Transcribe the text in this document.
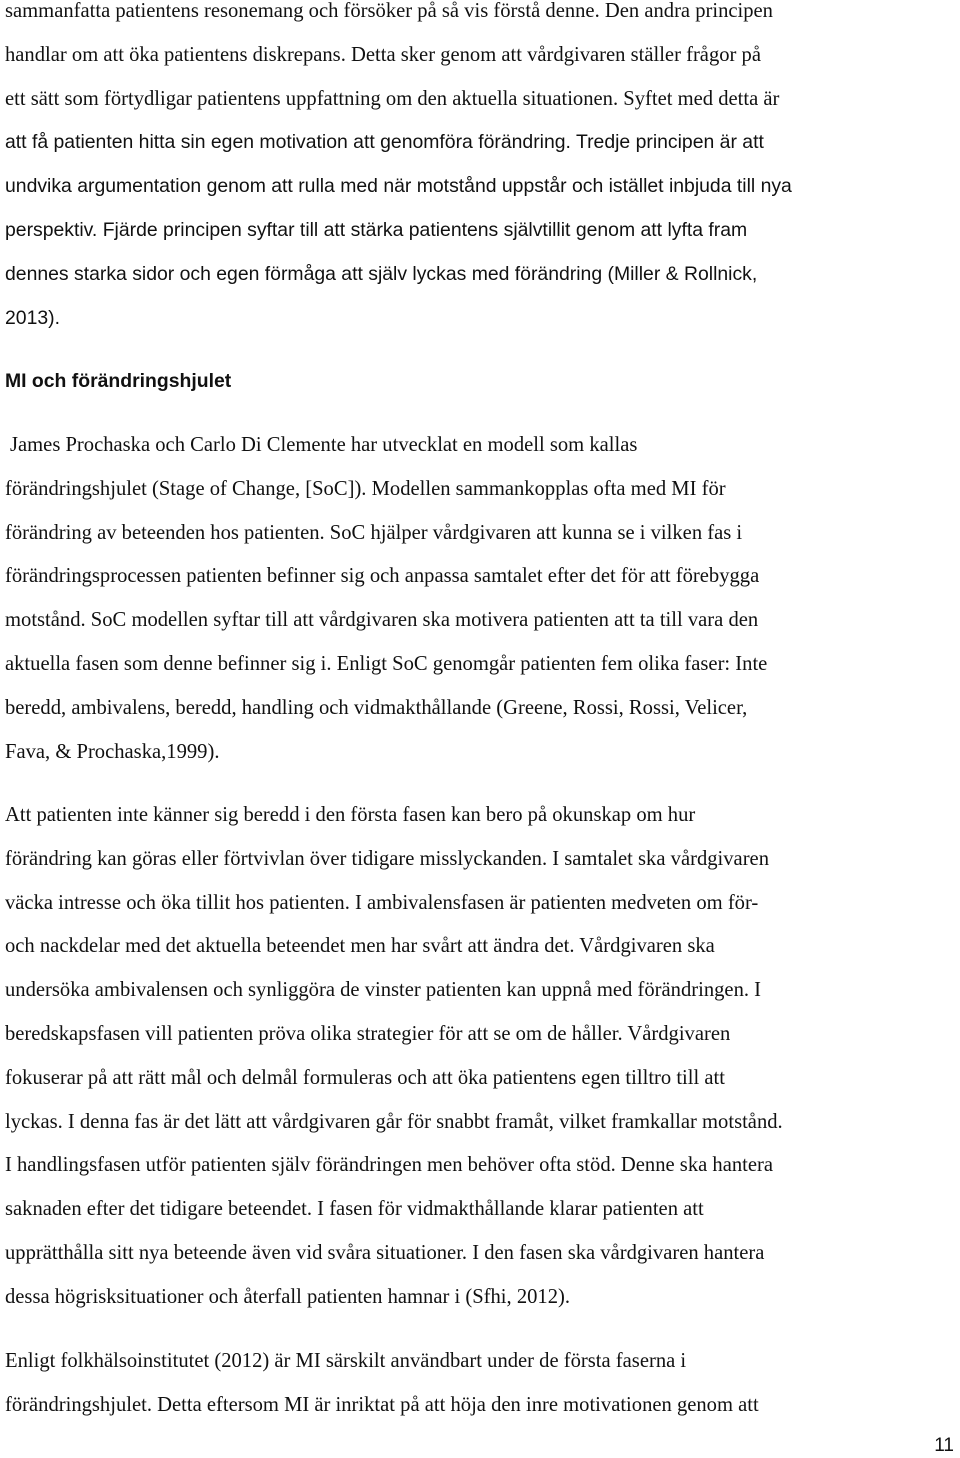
sammanfatta patientens resonemang och försöker på så vis förstå denne. Den andra principen
handlar om att öka patientens diskrepans. Detta sker genom att vårdgivaren ställer frågor på
ett sätt som förtydligar patientens uppfattning om den aktuella situationen. Syftet med detta är
att få patienten hitta sin egen motivation att genomföra förändring. Tredje principen är att
undvika argumentation genom att rulla med när motstånd uppstår och istället inbjuda till nya
perspektiv. Fjärde principen syftar till att stärka patientens självtillit genom att lyfta fram
dennes starka sidor och egen förmåga att själv lyckas med förändring (Miller & Rollnick,
2013).

MI och förändringshjulet

James Prochaska och Carlo Di Clemente har utvecklat en modell som kallas
förändringshjulet (Stage of Change, [SoC]). Modellen sammankopplas ofta med MI för
förändring av beteenden hos patienten. SoC hjälper vårdgivaren att kunna se i vilken fas i
förändringsprocessen patienten befinner sig och anpassa samtalet efter det för att förebygga
motstånd. SoC modellen syftar till att vårdgivaren ska motivera patienten att ta till vara den
aktuella fasen som denne befinner sig i. Enligt SoC genomgår patienten fem olika faser: Inte
beredd, ambivalens, beredd, handling och vidmakthållande (Greene, Rossi, Rossi, Velicer,
Fava, & Prochaska,1999).

Att patienten inte känner sig beredd i den första fasen kan bero på okunskap om hur
förändring kan göras eller förtvivlan över tidigare misslyckanden. I samtalet ska vårdgivaren
väcka intresse och öka tillit hos patienten. I ambivalensfasen är patienten medveten om för-
och nackdelar med det aktuella beteendet men har svårt att ändra det. Vårdgivaren ska
undersöka ambivalensen och synliggöra de vinster patienten kan uppnå med förändringen. I
beredskapsfasen vill patienten pröva olika strategier för att se om de håller. Vårdgivaren
fokuserar på att rätt mål och delmål formuleras och att öka patientens egen tilltro till att
lyckas. I denna fas är det lätt att vårdgivaren går för snabbt framåt, vilket framkallar motstånd.
I handlingsfasen utför patienten själv förändringen men behöver ofta stöd. Denne ska hantera
saknaden efter det tidigare beteendet. I fasen för vidmakthållande klarar patienten att
upprätthålla sitt nya beteende även vid svåra situationer. I den fasen ska vårdgivaren hantera
dessa högrisksituationer och återfall patienten hamnar i (Sfhi, 2012).

Enligt folkhälsoinstitutet (2012) är MI särskilt användbart under de första faserna i
förändringshjulet. Detta eftersom MI är inriktat på att höja den inre motivationen genom att

11
